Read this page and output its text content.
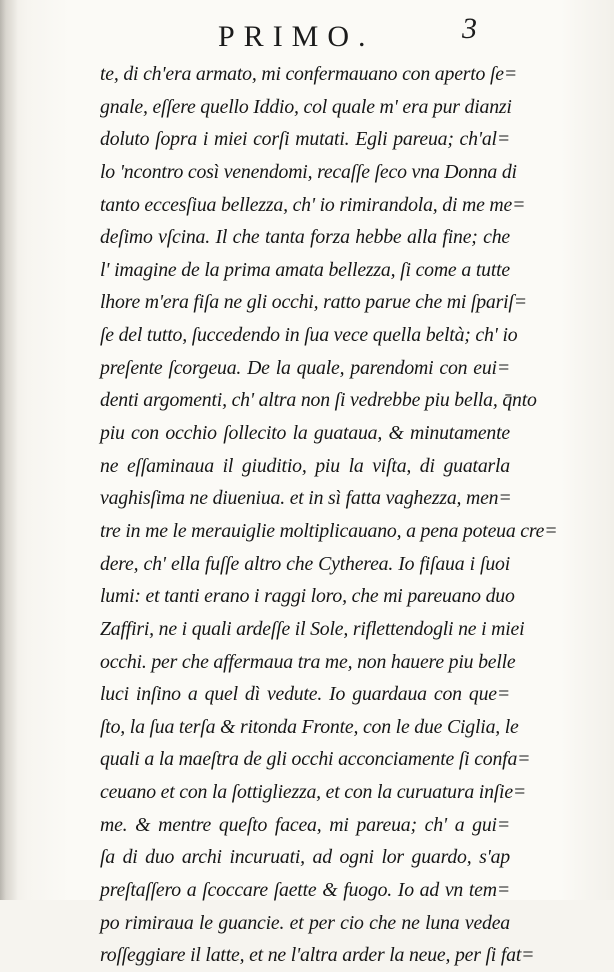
PRIMO.	3
te, di ch'era armato, mi confermauano con aperto ſe=
gnale, eſſere quello Iddio, col quale m' era pur dianzi
doluto ſopra i miei corſi mutati. Egli pareua; ch'al=
lo 'ncontro così venendomi, recaſſe ſeco vna Donna di
tanto eccesſiua bellezza, ch' io rimirandola, di me me=
deſimo vſcina. Il che tanta forza hebbe alla fine; che
l' imagine de la prima amata bellezza, ſi come a tutte
lhore m'era fiſa ne gli occhi, ratto parue che mi ſpariſ=
ſe del tutto, ſuccedendo in ſua vece quella beltà; ch' io
preſente ſcorgeua. De la quale, parendomi con eui=
denti argomenti, ch' altra non ſi vedrebbe piu bella, q̄nto
piu con occhio ſollecito la guataua, & minutamente
ne eſſaminaua il giuditio, piu la viſta, di guatarla
vaghisſima ne diueniua. et in sì fatta vaghezza, men=
tre in me le merauiglie moltiplicauano, a pena poteua cre=
dere, ch' ella fuſſe altro che Cytherea. Io fiſaua i ſuoi
lumi: et tanti erano i raggi loro, che mi pareuano duo
Zaffiri, ne i quali ardeſſe il Sole, riflettendogli ne i miei
occhi. per che affermaua tra me, non hauere piu belle
luci inſino a quel dì vedute. Io guardaua con que=
ſto, la ſua terſa & ritonda Fronte, con le due Ciglia, le
quali a la maeſtra de gli occhi acconciamente ſi confa=
ceuano et con la ſottigliezza, et con la curuatura inſie=
me. & mentre queſto facea, mi pareua; ch' a gui=
ſa di duo archi incuruati, ad ogni lor guardo, s'ap
preſtaſſero a ſcoccare ſaette & fuogo. Io ad vn tem=
po rimiraua le guancie. et per cio che ne luna vedea
roſſeggiare il latte, et ne l'altra arder la neue, per ſi fat=
